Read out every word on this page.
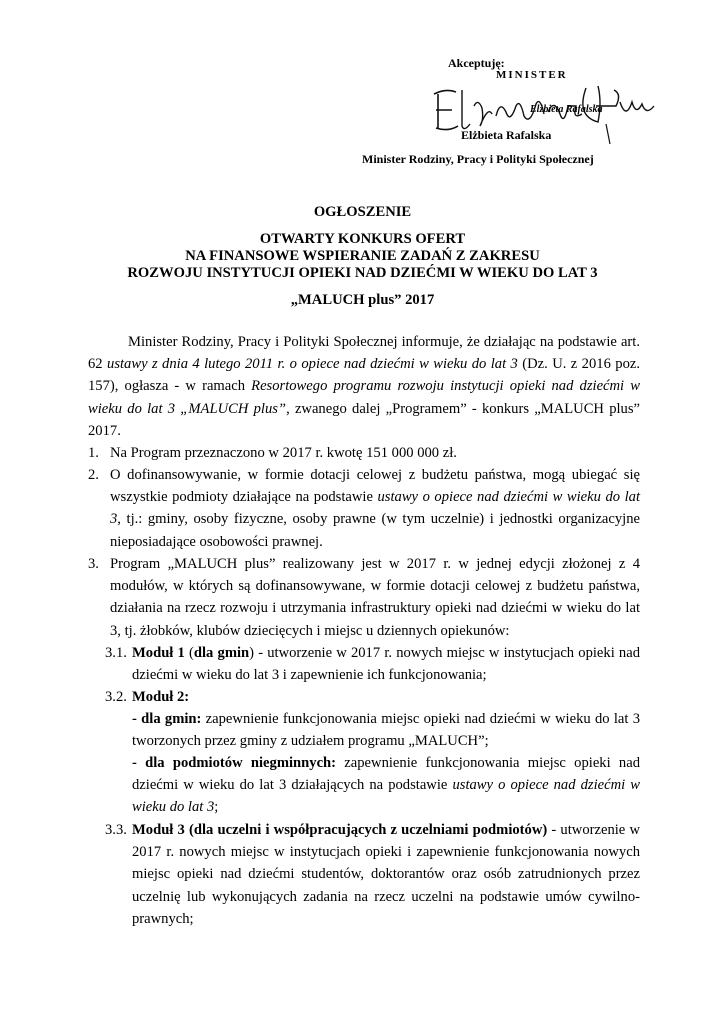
Akceptuję:
MINISTER
Elżbieta Rafalska
Elżbieta Rafalska
Minister Rodziny, Pracy i Polityki Społecznej
OGŁOSZENIE
OTWARTY KONKURS OFERT
NA FINANSOWE WSPIERANIE ZADAŃ Z ZAKRESU
ROZWOJU INSTYTUCJI OPIEKI NAD DZIEĆMI W WIEKU DO LAT 3
„MALUCH plus” 2017
Minister Rodziny, Pracy i Polityki Społecznej informuje, że działając na podstawie art. 62 ustawy z dnia 4 lutego 2011 r. o opiece nad dziećmi w wieku do lat 3 (Dz. U. z 2016 poz. 157), ogłasza - w ramach Resortowego programu rozwoju instytucji opieki nad dziećmi w wieku do lat 3 „MALUCH plus”, zwanego dalej „Programem” - konkurs „MALUCH plus” 2017.
1. Na Program przeznaczono w 2017 r. kwotę 151 000 000 zł.
2. O dofinansowywanie, w formie dotacji celowej z budżetu państwa, mogą ubiegać się wszystkie podmioty działające na podstawie ustawy o opiece nad dziećmi w wieku do lat 3, tj.: gminy, osoby fizyczne, osoby prawne (w tym uczelnie) i jednostki organizacyjne nieposiadające osobowości prawnej.
3. Program „MALUCH plus” realizowany jest w 2017 r. w jednej edycji złożonej z 4 modułów, w których są dofinansowywane, w formie dotacji celowej z budżetu państwa, działania na rzecz rozwoju i utrzymania infrastruktury opieki nad dziećmi w wieku do lat 3, tj. żłobków, klubów dziecięcych i miejsc u dziennych opiekunów:
3.1. Moduł 1 (dla gmin) - utworzenie w 2017 r. nowych miejsc w instytucjach opieki nad dziećmi w wieku do lat 3 i zapewnienie ich funkcjonowania;
3.2. Moduł 2:
- dla gmin: zapewnienie funkcjonowania miejsc opieki nad dziećmi w wieku do lat 3 tworzonych przez gminy z udziałem programu „MALUCH”;
- dla podmiotów niegminnych: zapewnienie funkcjonowania miejsc opieki nad dziećmi w wieku do lat 3 działających na podstawie ustawy o opiece nad dziećmi w wieku do lat 3;
3.3. Moduł 3 (dla uczelni i współpracujących z uczelniami podmiotów) - utworzenie w 2017 r. nowych miejsc w instytucjach opieki i zapewnienie funkcjonowania nowych miejsc opieki nad dziećmi studentów, doktorantów oraz osób zatrudnionych przez uczelnię lub wykonujących zadania na rzecz uczelni na podstawie umów cywilno-prawnych;
